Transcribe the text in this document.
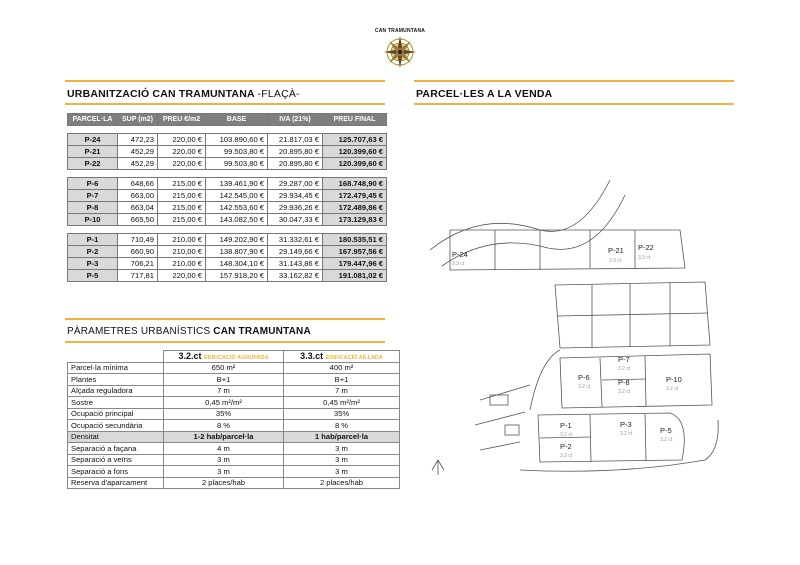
CAN TRAMUNTANA
URBANITZACIÓ CAN TRAMUNTANA -FLAÇÀ-	PARCEL·LES A LA VENDA
PARCEL·LA	SUP (m2)	PREU €/m2	BASE	IVA (21%)	PREU FINAL

P-24	472,23	220,00 €	103.890,60 €	21.817,03 €	125.707,63 €
P-21	452,29	220,00 €	99.503,80 €	20.895,80 €	120.399,60 €
P-22	452,29	220,00 €	99.503,80 €	20.895,80 €	120.399,60 €

P-6	648,66	215,00 €	139.461,90 €	29.287,00 €	168.748,90 €
P-7	663,00	215,00 €	142.545,00 €	29.934,45 €	172.479,45 €
P-8	663,04	215,00 €	142.553,60 €	29.936,26 €	172.489,86 €
P-10	665,50	215,00 €	143.082,50 €	30.047,33 €	173.129,83 €

P-1	710,49	210,00 €	149.202,90 €	31.332,61 €	180.535,51 €
P-2	660,90	210,00 €	138.807,90 €	29.149,66 €	167.957,56 €
P-3	706,21	210,00 €	148.304,10 €	31.143,86 €	179.447,96 €
P-5	717,81	220,00 €	157.918,20 €	33.162,82 €	191.081,02 €
PÀRAMETRES URBANÍSTICS CAN TRAMUNTANA
	3.2.ct EDIFICACIÓ AGRUPADA	3.3.ct EDIFICACIÓ AÏLLADA
Parcel·la mínima	650 m²	400 m²
Plantes	B+1	B+1
Alçada reguladora	7 m	7 m
Sostre	0,45 m²/m²	0,45 m²/m²
Ocupació principal	35%	35%
Ocupació secundària	8 %	8 %
Densitat	1-2 hab/parcel·la	1 hab/parcel·la
Separació a façana	4 m	3 m
Separació a veïns	3 m	3 m
Separació a fons	3 m	3 m
Reserva d'aparcament	2 places/hab	2 places/hab
P-24	P-21 P-22
P-6
P-7
P-8	P-10
P-1
P-2
P-3
P-5
3.3 ct	3.3 ct	3.3 ct
3.2 ct
3.2 ct
3.2 ct	3.2 ct
3.2 ct
3.2 ct
3.2 ct
3.2 ct
